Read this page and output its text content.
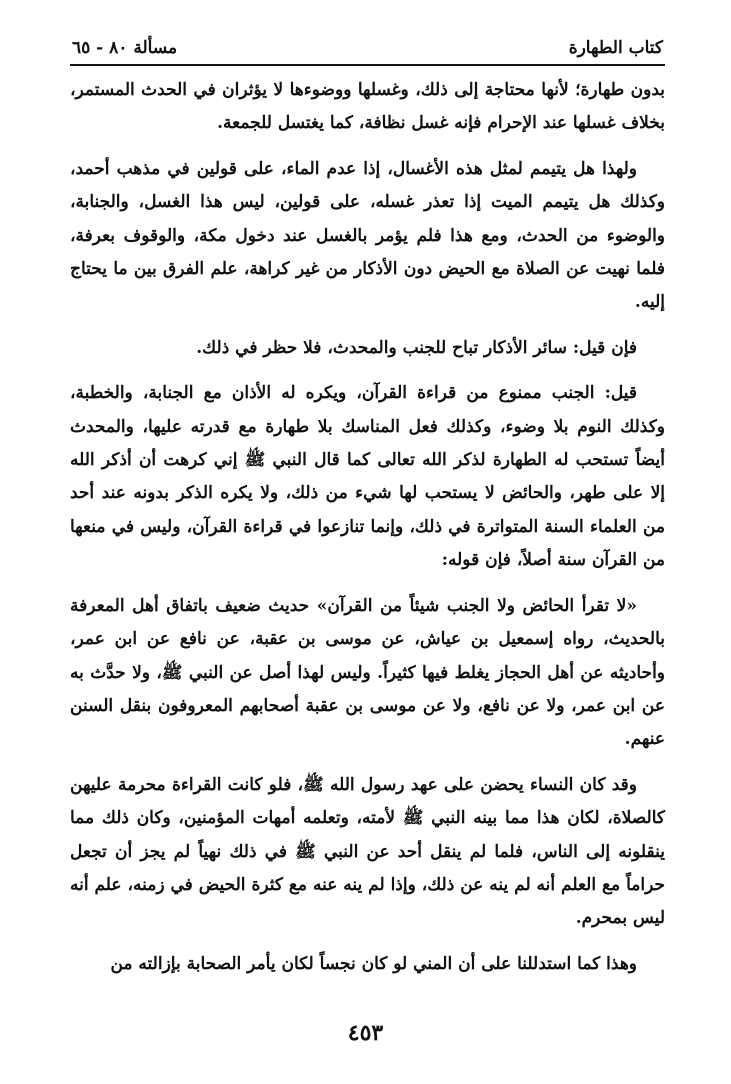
كتاب الطهارة
مسألة ٨٠ - ٦٥

بدون طهارة؛ لأنها محتاجة إلى ذلك، وغسلها ووضوءها لا يؤثران في الحدث المستمر، بخلاف غسلها عند الإحرام فإنه غسل نظافة، كما يغتسل للجمعة.

ولهذا هل يتيمم لمثل هذه الأغسال، إذا عدم الماء، على قولين في مذهب أحمد، وكذلك هل يتيمم الميت إذا تعذر غسله، على قولين، ليس هذا الغسل، والجنابة، والوضوء من الحدث، ومع هذا فلم يؤمر بالغسل عند دخول مكة، والوقوف بعرفة، فلما نهيت عن الصلاة مع الحيض دون الأذكار من غير كراهة، علم الفرق بين ما يحتاج إليه.

فإن قيل: سائر الأذكار تباح للجنب والمحدث، فلا حظر في ذلك.

قيل: الجنب ممنوع من قراءة القرآن، ويكره له الأذان مع الجنابة، والخطبة، وكذلك النوم بلا وضوء، وكذلك فعل المناسك بلا طهارة مع قدرته عليها، والمحدث أيضاً تستحب له الطهارة لذكر الله تعالى كما قال النبي ﷺ إني كرهت أن أذكر الله إلا على طهر، والحائض لا يستحب لها شيء من ذلك، ولا يكره الذكر بدونه عند أحد من العلماء السنة المتواترة في ذلك، وإنما تنازعوا في قراءة القرآن، وليس في منعها من القرآن سنة أصلاً، فإن قوله:

«لا تقرأ الحائض ولا الجنب شيئاً من القرآن» حديث ضعيف باتفاق أهل المعرفة بالحديث، رواه إسمعيل بن عياش، عن موسى بن عقبة، عن نافع عن ابن عمر، وأحاديثه عن أهل الحجاز يغلط فيها كثيراً. وليس لهذا أصل عن النبي ﷺ، ولا حدَّث به عن ابن عمر، ولا عن نافع، ولا عن موسى بن عقبة أصحابهم المعروفون بنقل السنن عنهم.

وقد كان النساء يحضن على عهد رسول الله ﷺ، فلو كانت القراءة محرمة عليهن كالصلاة، لكان هذا مما بينه النبي ﷺ لأمته، وتعلمه أمهات المؤمنين، وكان ذلك مما ينقلونه إلى الناس، فلما لم ينقل أحد عن النبي ﷺ في ذلك نهياً لم يجز أن تجعل حراماً مع العلم أنه لم ينه عن ذلك، وإذا لم ينه عنه مع كثرة الحيض في زمنه، علم أنه ليس بمحرم.

وهذا كما استدللنا على أن المني لو كان نجساً لكان يأمر الصحابة بإزالته من

٤٥٣
